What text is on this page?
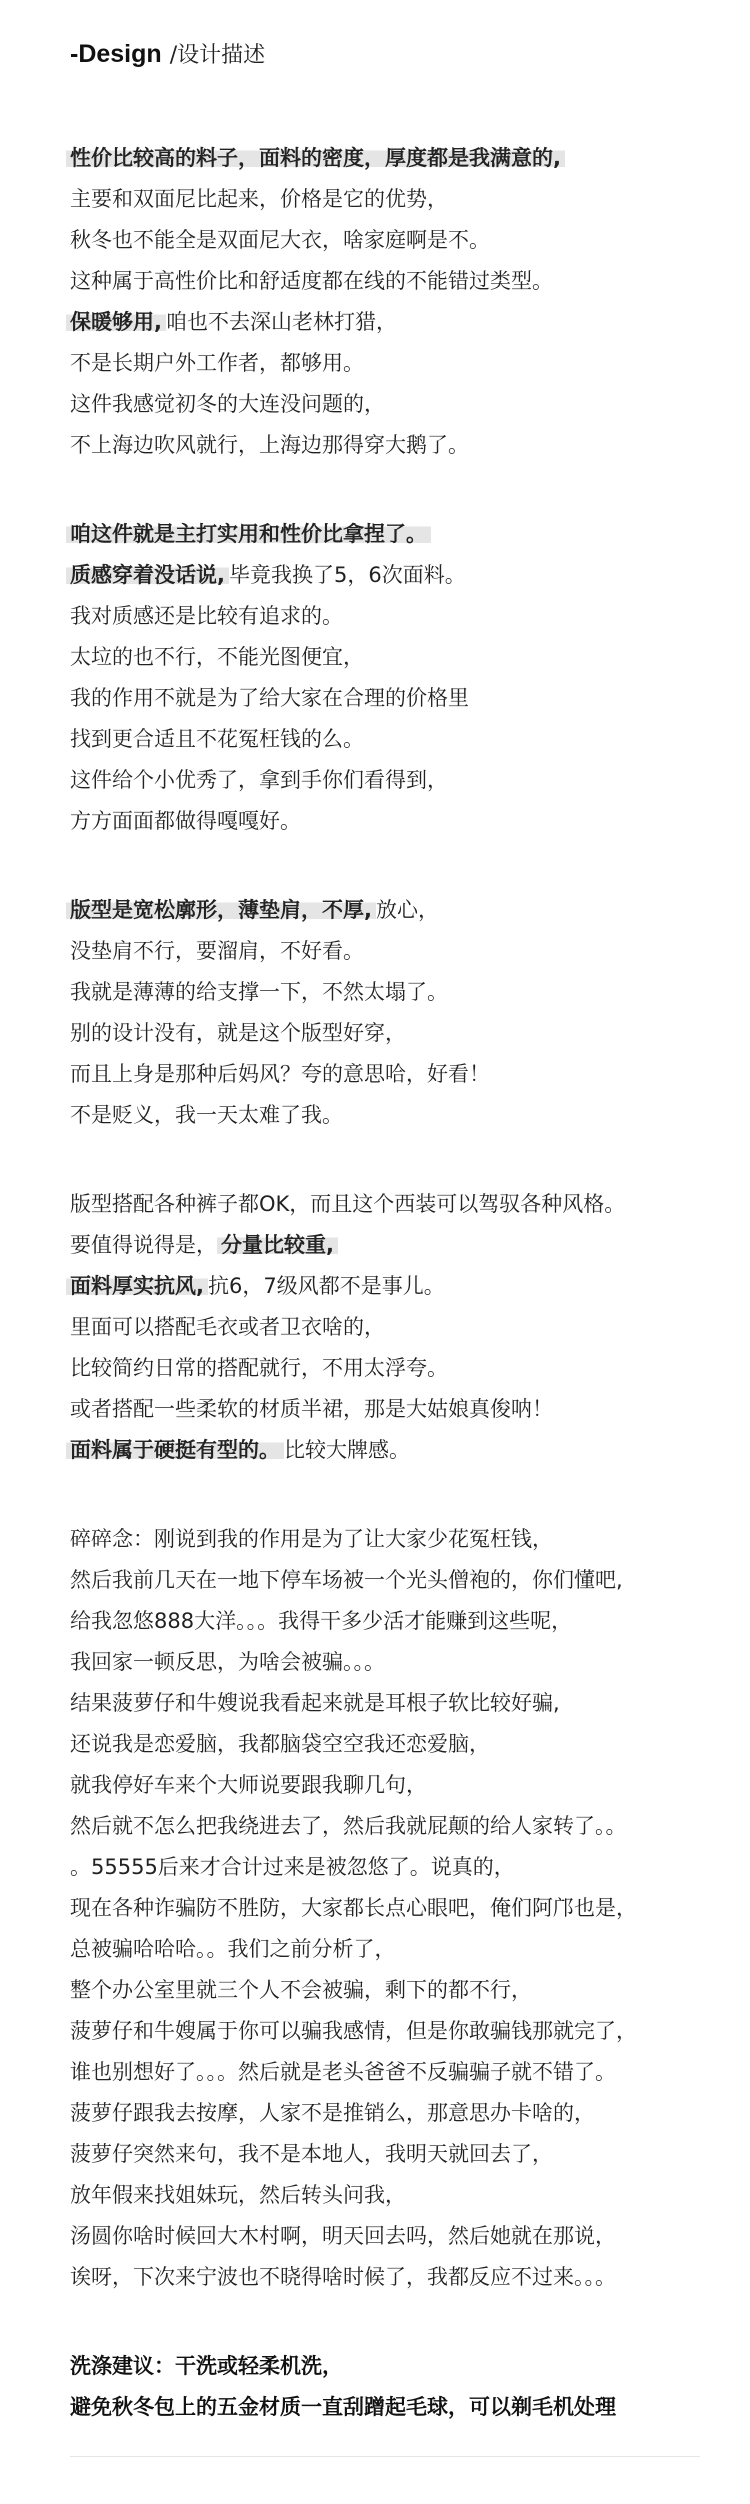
-Design /设计描述
性价比较高的料子，面料的密度，厚度都是我满意的,
主要和双面尼比起来，价格是它的优势，
秋冬也不能全是双面尼大衣，啥家庭啊是不。
这种属于高性价比和舒适度都在线的不能错过类型。
保暖够用, 咱也不去深山老林打猎，
不是长期户外工作者，都够用。
这件我感觉初冬的大连没问题的，
不上海边吹风就行，上海边那得穿大鹅了。
咱这件就是主打实用和性价比拿捏了。
质感穿着没话说, 毕竟我换了5，6次面料。
我对质感还是比较有追求的。
太垃的也不行，不能光图便宜，
我的作用不就是为了给大家在合理的价格里
找到更合适且不花冤枉钱的么。
这件给个小优秀了，拿到手你们看得到，
方方面面都做得嘎嘎好。
版型是宽松廓形，薄垫肩，不厚, 放心，
没垫肩不行，要溜肩，不好看。
我就是薄薄的给支撑一下，不然太塌了。
别的设计没有，就是这个版型好穿，
而且上身是那种后妈风？夸的意思哈，好看！
不是贬义，我一天太难了我。
版型搭配各种裤子都OK，而且这个西装可以驾驭各种风格。
要值得说得是， 分量比较重,
面料厚实抗风, 抗6，7级风都不是事儿。
里面可以搭配毛衣或者卫衣啥的，
比较简约日常的搭配就行，不用太浮夸。
或者搭配一些柔软的材质半裙，那是大姑娘真俊呐！
面料属于硬挺有型的。 比较大牌感。
碎碎念：刚说到我的作用是为了让大家少花冤枉钱，
然后我前几天在一地下停车场被一个光头僧袍的，你们懂吧,
给我忽悠888大洋。。。我得干多少活才能赚到这些呢，
我回家一顿反思，为啥会被骗。。。
结果菠萝仔和牛嫂说我看起来就是耳根子软比较好骗,
还说我是恋爱脑，我都脑袋空空我还恋爱脑，
就我停好车来个大师说要跟我聊几句，
然后就不怎么把我绕进去了，然后我就屁颠的给人家转了。。
。55555后来才合计过来是被忽悠了。说真的，
现在各种诈骗防不胜防，大家都长点心眼吧，俺们阿邝也是，
总被骗哈哈哈。。我们之前分析了，
整个办公室里就三个人不会被骗，剩下的都不行，
菠萝仔和牛嫂属于你可以骗我感情，但是你敢骗钱那就完了，
谁也别想好了。。。然后就是老头爸爸不反骗骗子就不错了。
菠萝仔跟我去按摩，人家不是推销么，那意思办卡啥的，
菠萝仔突然来句，我不是本地人，我明天就回去了，
放年假来找姐妹玩，然后转头问我，
汤圆你啥时候回大木村啊，明天回去吗，然后她就在那说，
诶呀，下次来宁波也不晓得啥时候了，我都反应不过来。。。
洗涤建议：干洗或轻柔机洗，
避免秋冬包上的五金材质一直刮蹭起毛球，可以剃毛机处理
